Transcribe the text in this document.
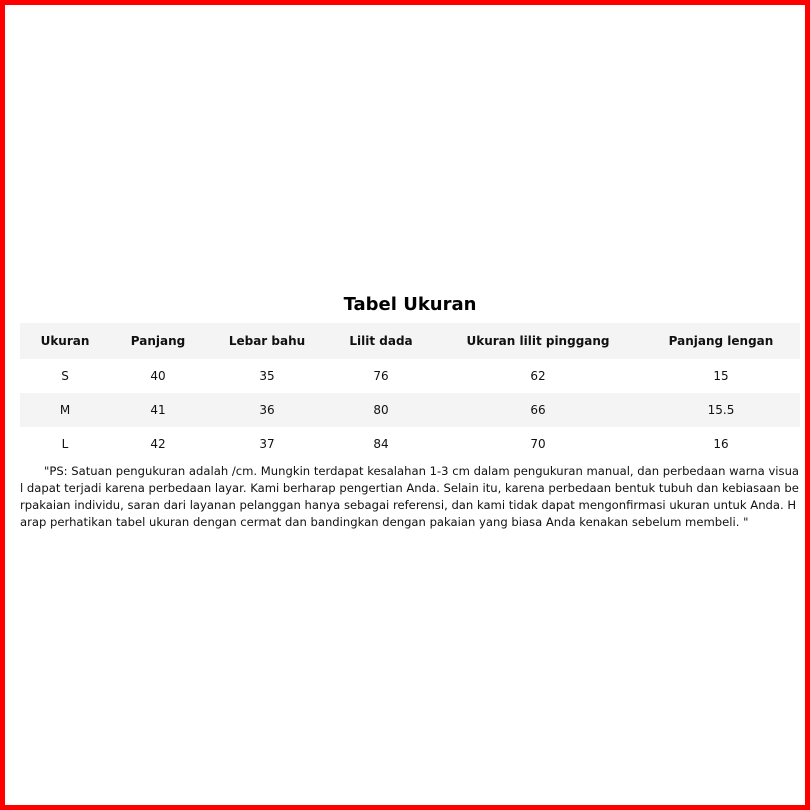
Tabel Ukuran
Ukuran	Panjang	Lebar bahu	Lilit dada	Ukuran lilit pinggang	Panjang lengan
S	40	35	76	62	15
M	41	36	80	66	15.5
L	42	37	84	70	16
"PS: Satuan pengukuran adalah /cm. Mungkin terdapat kesalahan 1-3 cm dalam pengukuran manual, dan perbedaan warna visual dapat terjadi karena perbedaan layar. Kami berharap pengertian Anda. Selain itu, karena perbedaan bentuk tubuh dan kebiasaan berpakaian individu, saran dari layanan pelanggan hanya sebagai referensi, dan kami tidak dapat mengonfirmasi ukuran untuk Anda. Harap perhatikan tabel ukuran dengan cermat dan bandingkan dengan pakaian yang biasa Anda kenakan sebelum membeli. "
